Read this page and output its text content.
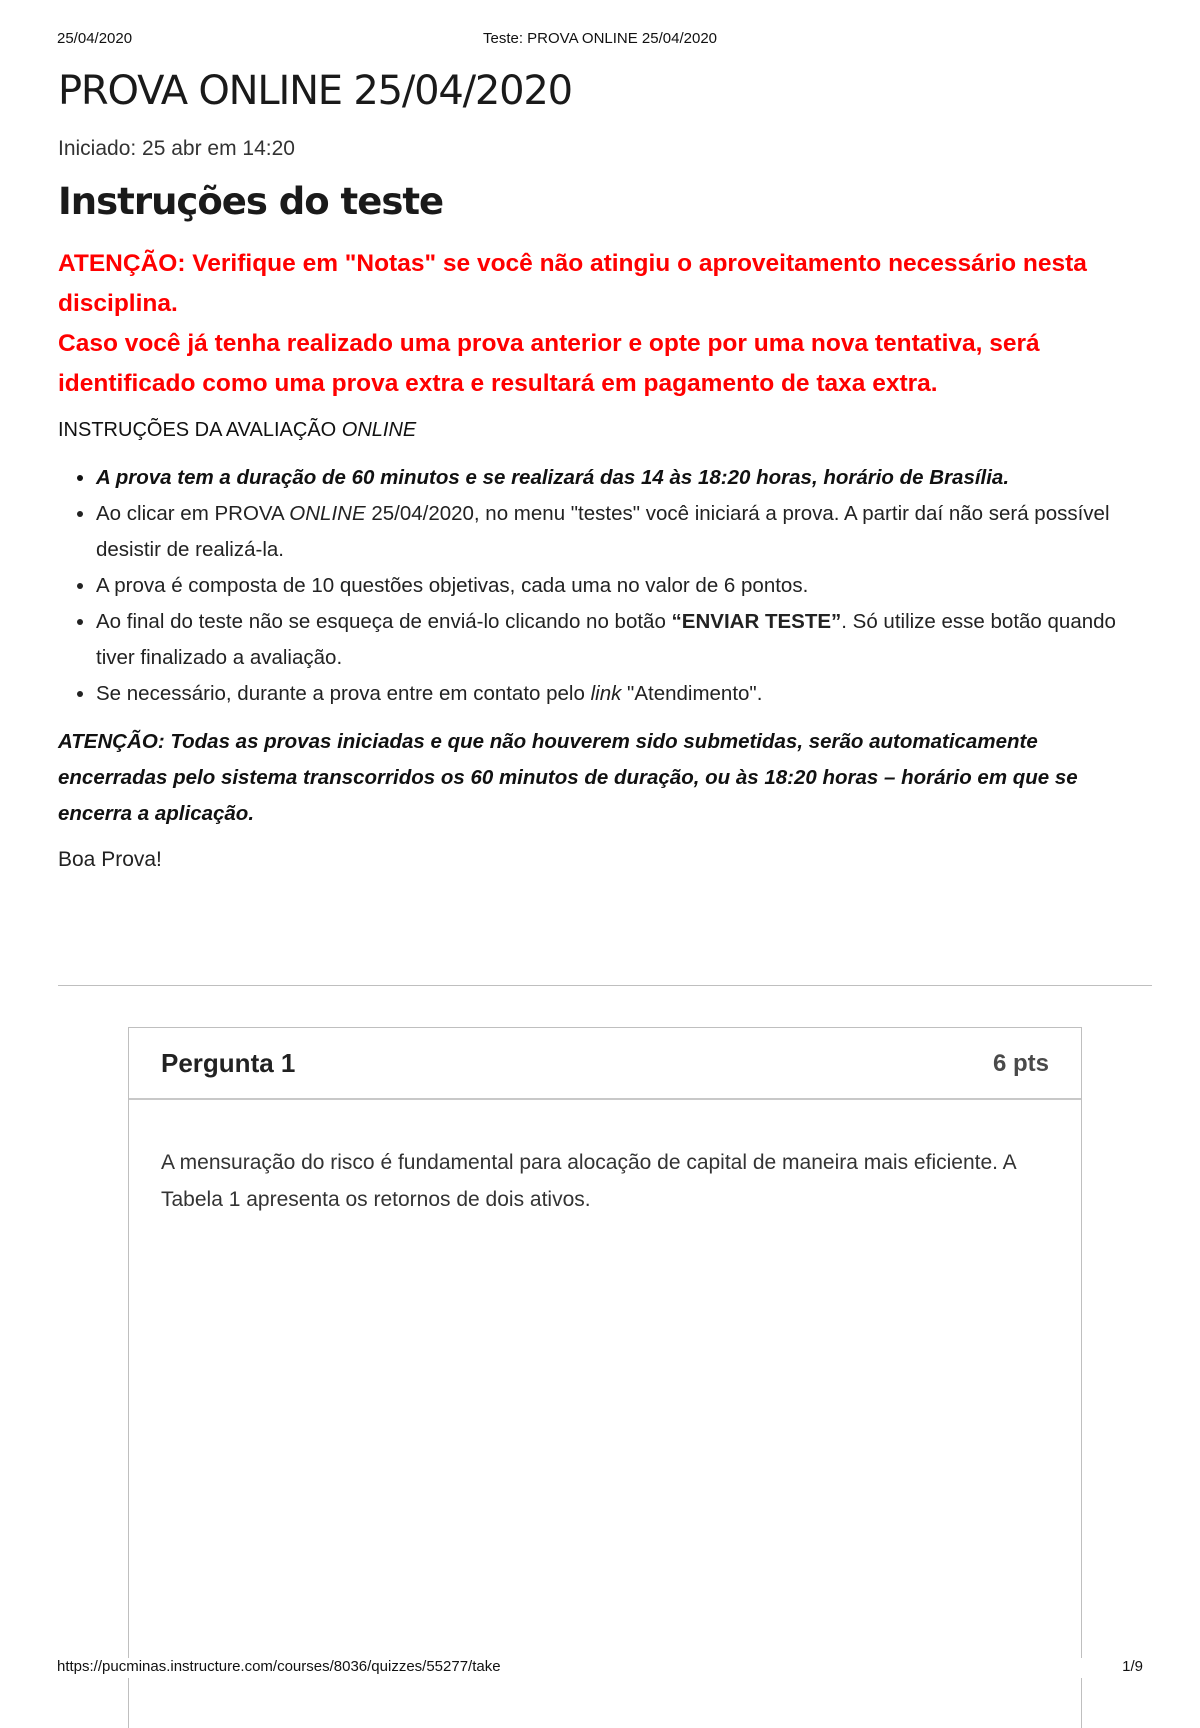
25/04/2020	Teste: PROVA ONLINE 25/04/2020
PROVA ONLINE 25/04/2020
Iniciado: 25 abr em 14:20
Instruções do teste
ATENÇÃO: Verifique em "Notas" se você não atingiu o aproveitamento necessário nesta disciplina.
Caso você já tenha realizado uma prova anterior e opte por uma nova tentativa, será identificado como uma prova extra e resultará em pagamento de taxa extra.
INSTRUÇÕES DA AVALIAÇÃO ONLINE
• A prova tem a duração de 60 minutos e se realizará das 14 às 18:20 horas, horário de Brasília.
• Ao clicar em PROVA ONLINE 25/04/2020, no menu "testes" você iniciará a prova. A partir daí não será possível desistir de realizá-la.
• A prova é composta de 10 questões objetivas, cada uma no valor de 6 pontos.
• Ao final do teste não se esqueça de enviá-lo clicando no botão “ENVIAR TESTE”. Só utilize esse botão quando tiver finalizado a avaliação.
• Se necessário, durante a prova entre em contato pelo link "Atendimento".
ATENÇÃO: Todas as provas iniciadas e que não houverem sido submetidas, serão automaticamente encerradas pelo sistema transcorridos os 60 minutos de duração, ou às 18:20 horas – horário em que se encerra a aplicação.
Boa Prova!
Pergunta 1	6 pts
A mensuração do risco é fundamental para alocação de capital de maneira mais eficiente. A Tabela 1 apresenta os retornos de dois ativos.
https://pucminas.instructure.com/courses/8036/quizzes/55277/take	1/9
